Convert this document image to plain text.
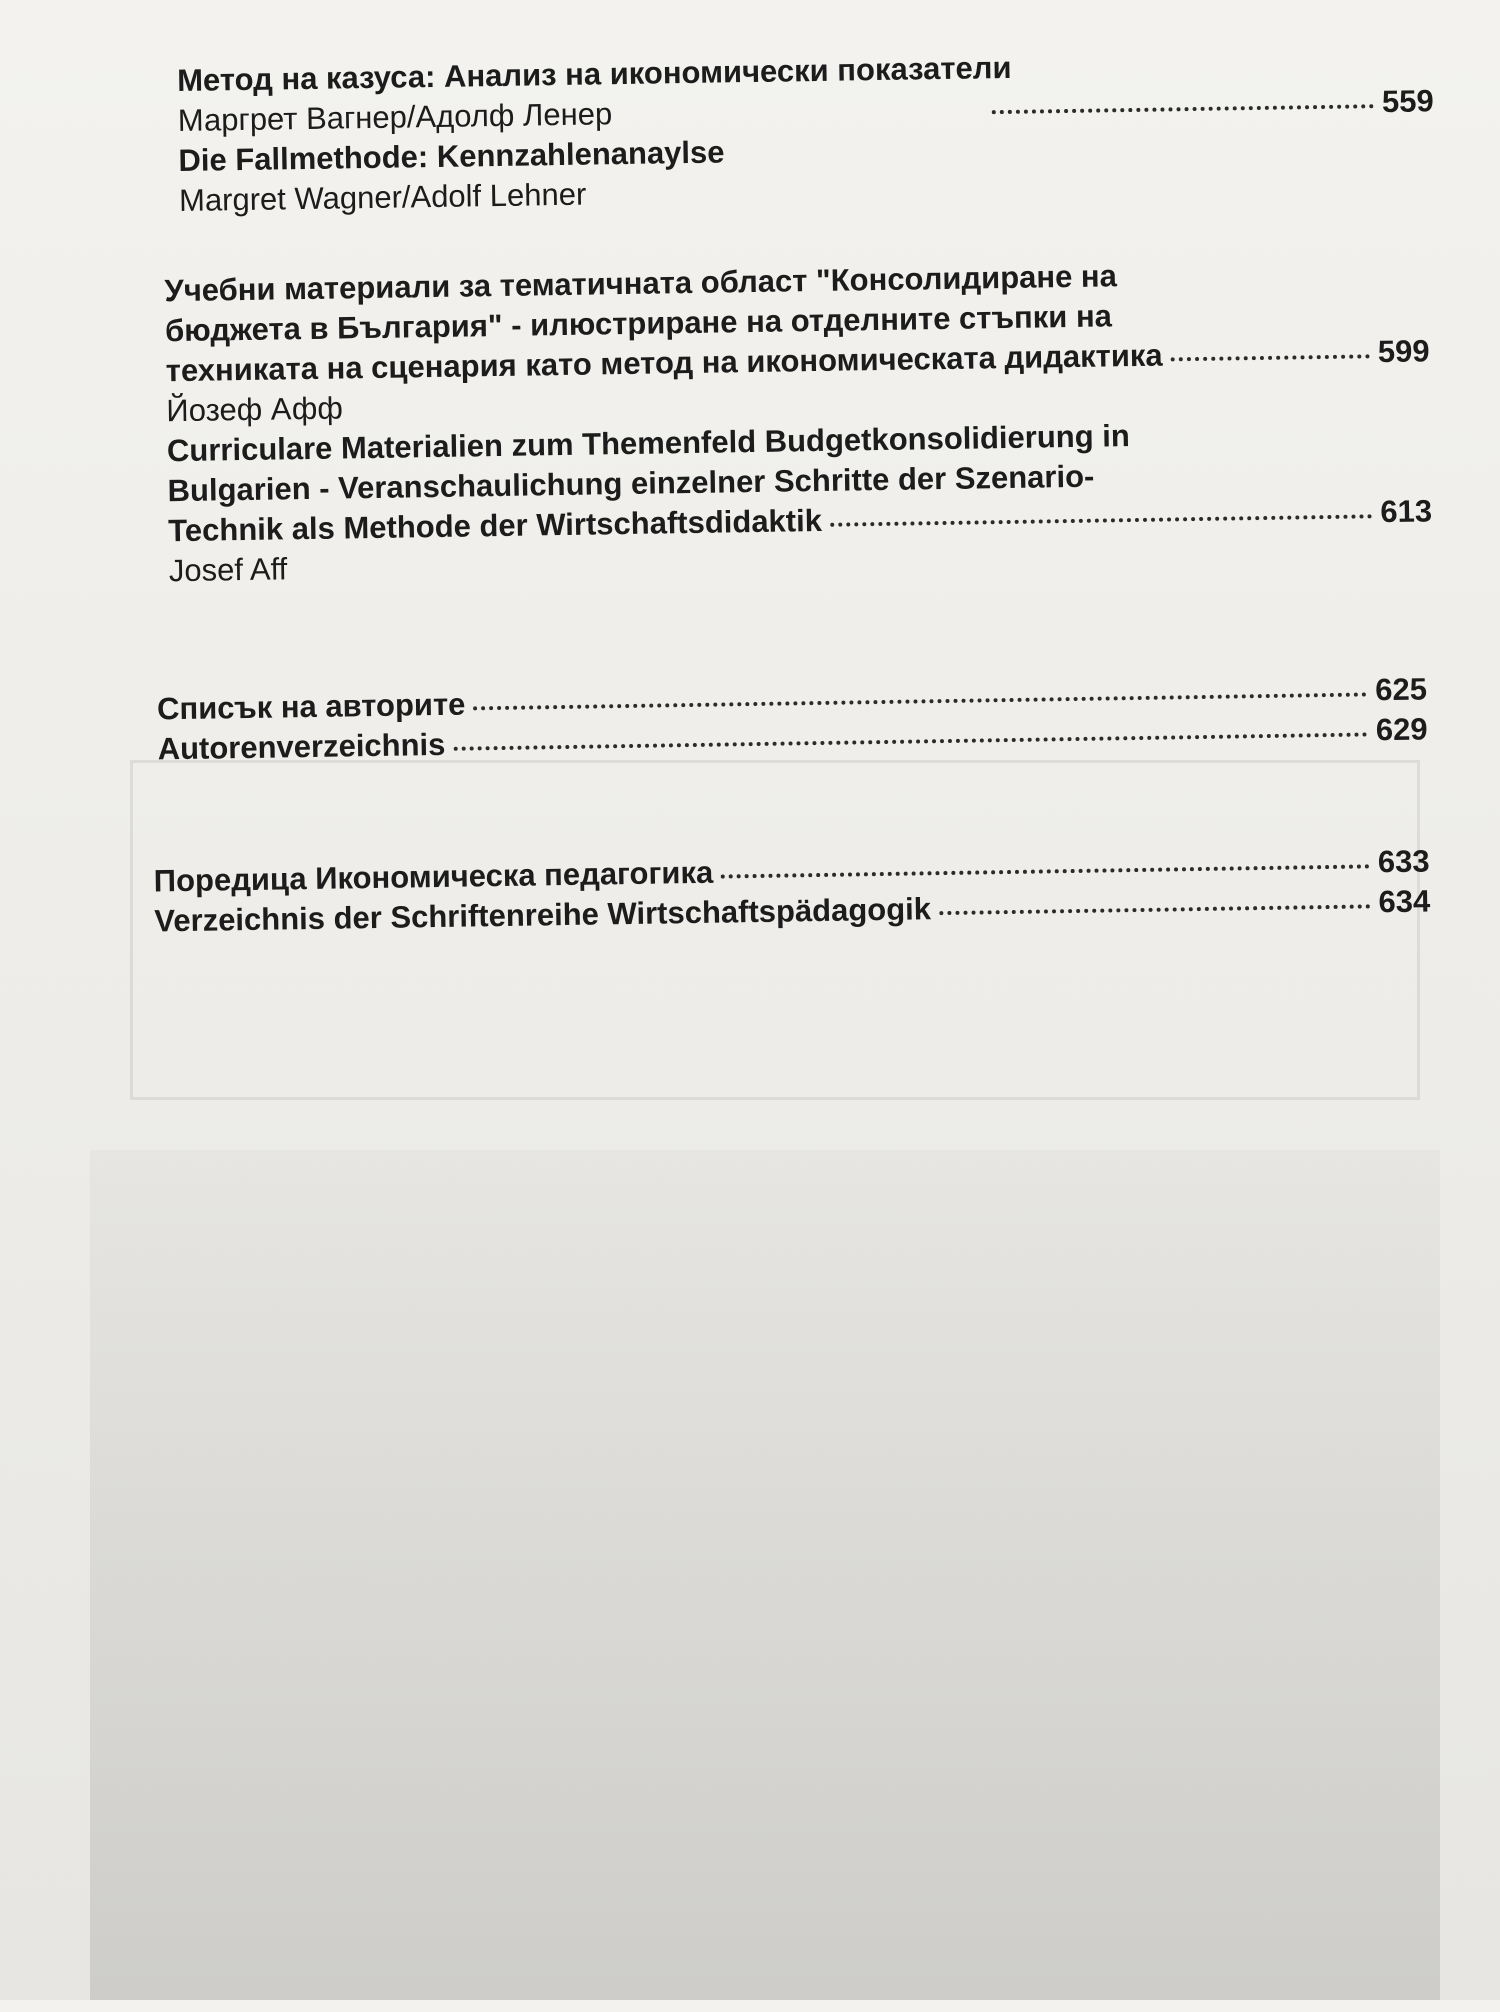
Метод на казуса: Анализ на икономически показатели
Маргрет Вагнер/Адолф Ленер	559
Die Fallmethode: Kennzahlenanaylse
Margret Wagner/Adolf Lehner
Учебни материали за тематичната област "Консолидиране на
бюджета в България" - илюстриране на отделните стъпки на
техниката на сценария като метод на икономическата дидактика	599
Йозеф Афф
Curriculare Materialien zum Themenfeld Budgetkonsolidierung in
Bulgarien - Veranschaulichung einzelner Schritte der Szenario-
Technik als Methode der Wirtschaftsdidaktik	613
Josef Aff
Списък на авторите	625
Autorenverzeichnis	629
Поредица Икономическа педагогика	633
Verzeichnis der Schriftenreihe Wirtschaftspädagogik	634
